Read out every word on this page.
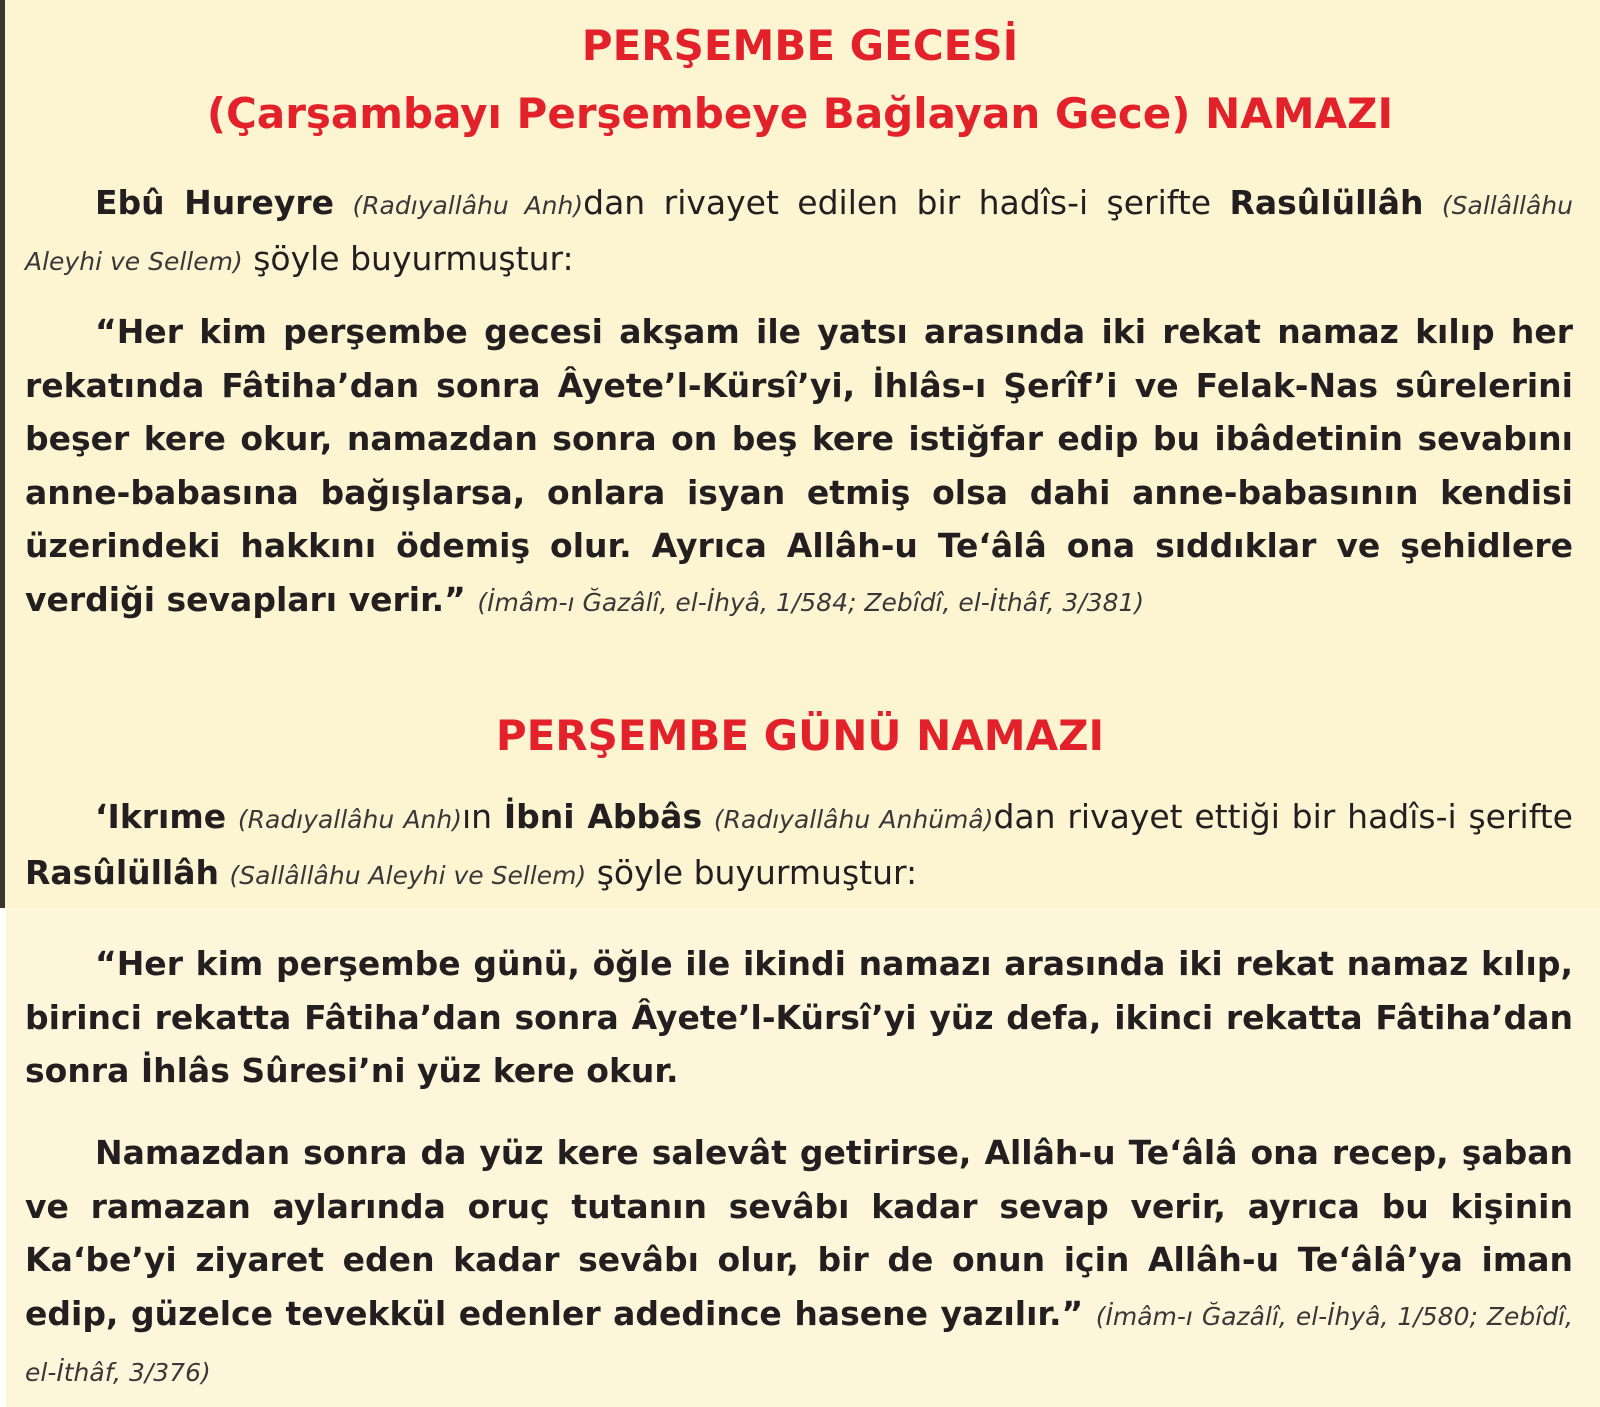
PERŞEMBE GECESİ
(Çarşambayı Perşembeye Bağlayan Gece) NAMAZI

Ebû Hureyre (Radıyallâhu Anh)dan rivayet edilen bir hadîs-i şerifte Rasûlüllâh (Sallâllâhu Aleyhi ve Sellem) şöyle buyurmuştur:

“Her kim perşembe gecesi akşam ile yatsı arasında iki rekat namaz kılıp her rekatında Fâtiha’dan sonra Âyete’l-Kürsî’yi, İhlâs-ı Şerîf’i ve Felak-Nas sûrelerini beşer kere okur, namazdan sonra on beş kere istiğfar edip bu ibâdetinin sevabını anne-babasına bağışlarsa, onlara isyan etmiş olsa dahi anne-babasının kendisi üzerindeki hakkını ödemiş olur. Ayrıca Allâh-u Te‘âlâ ona sıddıklar ve şehidlere verdiği sevapları verir.” (İmâm-ı Ğazâlî, el-İhyâ, 1/584; Zebîdî, el-İthâf, 3/381)

PERŞEMBE GÜNÜ NAMAZI

‘Ikrıme (Radıyallâhu Anh)ın İbni Abbâs (Radıyallâhu Anhümâ)dan rivayet ettiği bir hadîs-i şerifte Rasûlüllâh (Sallâllâhu Aleyhi ve Sellem) şöyle buyurmuştur:

“Her kim perşembe günü, öğle ile ikindi namazı arasında iki rekat namaz kılıp, birinci rekatta Fâtiha’dan sonra Âyete’l-Kürsî’yi yüz defa, ikinci rekatta Fâtiha’dan sonra İhlâs Sûresi’ni yüz kere okur.

Namazdan sonra da yüz kere salevât getirirse, Allâh-u Te‘âlâ ona recep, şaban ve ramazan aylarında oruç tutanın sevâbı kadar sevap verir, ayrıca bu kişinin Ka‘be’yi ziyaret eden kadar sevâbı olur, bir de onun için Allâh-u Te‘âlâ’ya iman edip, güzelce tevekkül edenler adedince hasene yazılır.” (İmâm-ı Ğazâlî, el-İhyâ, 1/580; Zebîdî, el-İthâf, 3/376)
